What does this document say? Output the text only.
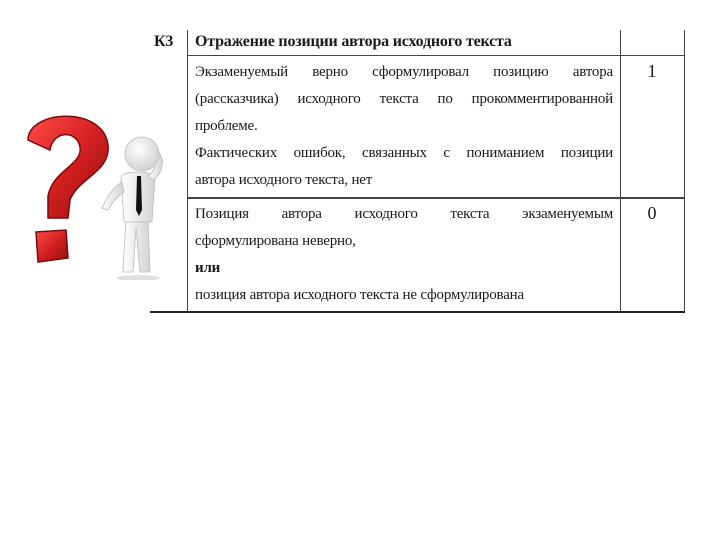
К3	Отражение позиции автора исходного текста
Экзаменуемый верно сформулировал позицию автора
(рассказчика) исходного текста по прокомментированной
проблеме.
Фактических ошибок, связанных с пониманием позиции
автора исходного текста, нет
1
Позиция автора исходного текста экзаменуемым
сформулирована неверно,
или
позиция автора исходного текста не сформулирована
0
